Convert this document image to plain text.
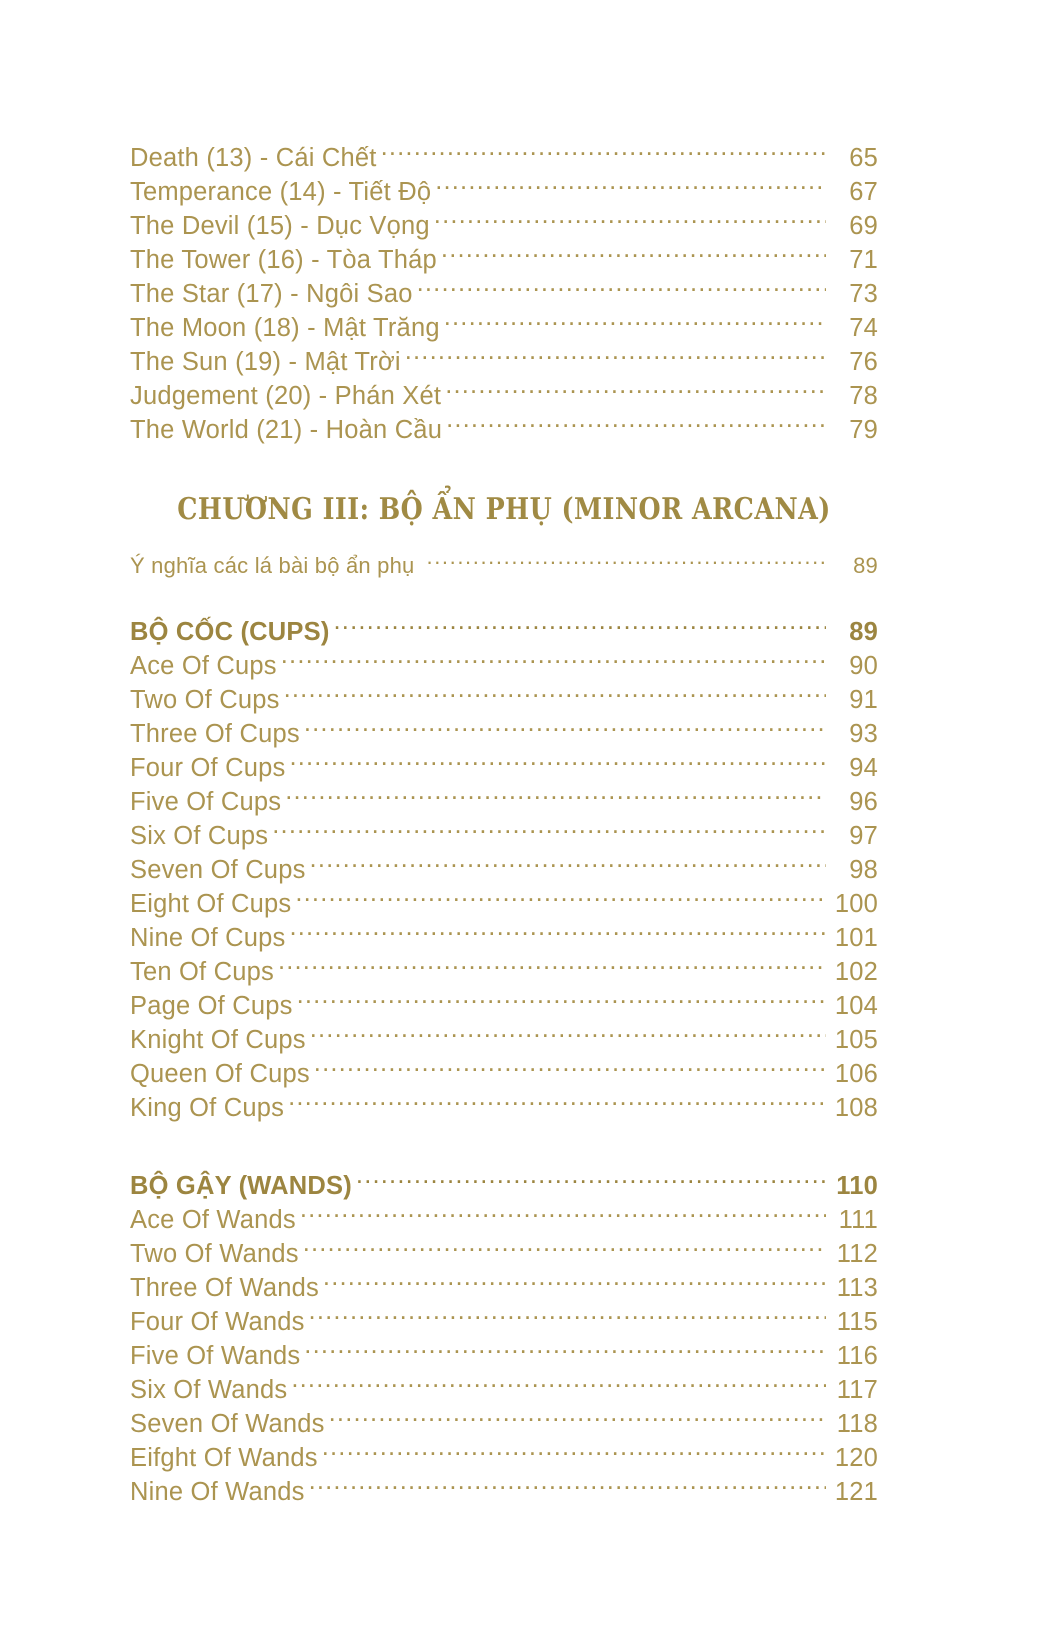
Death (13) - Cái Chết .....	65
Temperance (14) - Tiết Độ .....	67
The Devil (15) - Dục Vọng .....	69
The Tower (16) - Tòa Tháp .....	71
The Star (17) - Ngôi Sao .....	73
The Moon (18) - Mật Trăng .....	74
The Sun (19) - Mật Trời .....	76
Judgement (20) - Phán Xét .....	78
The World (21) - Hoàn Cầu .....	79
CHƯƠNG III: BỘ ẨN PHỤ (MINOR ARCANA)
Ý nghĩa các lá bài bộ ẩn phụ .....	89
BỘ CỐC (CUPS) .....	89
Ace Of Cups .....	90
Two Of Cups .....	91
Three Of Cups .....	93
Four Of Cups .....	94
Five Of Cups .....	96
Six Of Cups .....	97
Seven Of Cups .....	98
Eight Of Cups .....	100
Nine Of Cups .....	101
Ten Of Cups .....	102
Page Of Cups .....	104
Knight Of Cups .....	105
Queen Of Cups .....	106
King Of Cups .....	108
BỘ GẬY (WANDS) .....	110
Ace Of Wands .....	111
Two Of Wands .....	112
Three Of Wands .....	113
Four Of Wands .....	115
Five Of Wands .....	116
Six Of Wands .....	117
Seven Of Wands .....	118
Eifght Of Wands .....	120
Nine Of Wands .....	121
